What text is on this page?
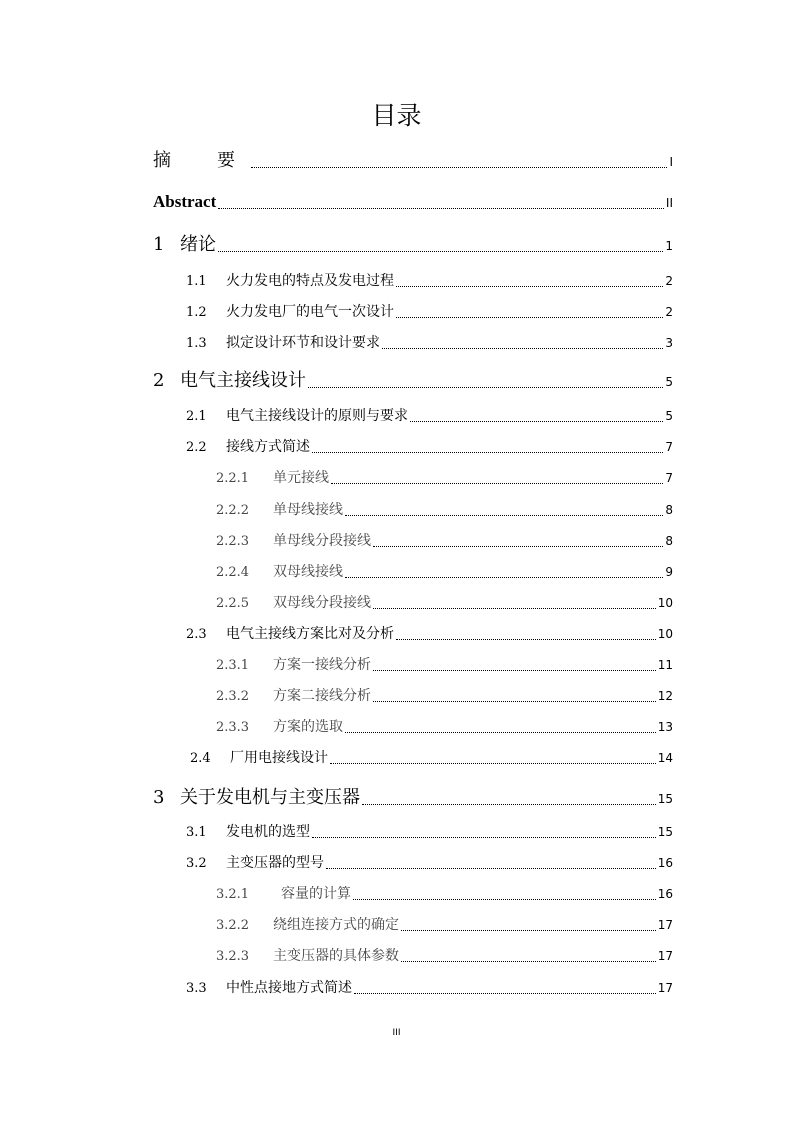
目录
摘　要	I
Abstract	II
1 绪论	1
1.1	火力发电的特点及发电过程	2
1.2	火力发电厂的电气一次设计	2
1.3	拟定设计环节和设计要求	3
2 电气主接线设计	5
2.1	电气主接线设计的原则与要求	5
2.2	接线方式简述	7
2.2.1	单元接线	7
2.2.2	单母线接线	8
2.2.3	单母线分段接线	8
2.2.4	双母线接线	9
2.2.5	双母线分段接线	10
2.3	电气主接线方案比对及分析	10
2.3.1	方案一接线分析	11
2.3.2	方案二接线分析	12
2.3.3	方案的选取	13
2.4	厂用电接线设计	14
3 关于发电机与主变压器	15
3.1	发电机的选型	15
3.2	主变压器的型号	16
3.2.1	容量的计算	16
3.2.2	绕组连接方式的确定	17
3.2.3	主变压器的具体参数	17
3.3	中性点接地方式简述	17
III
